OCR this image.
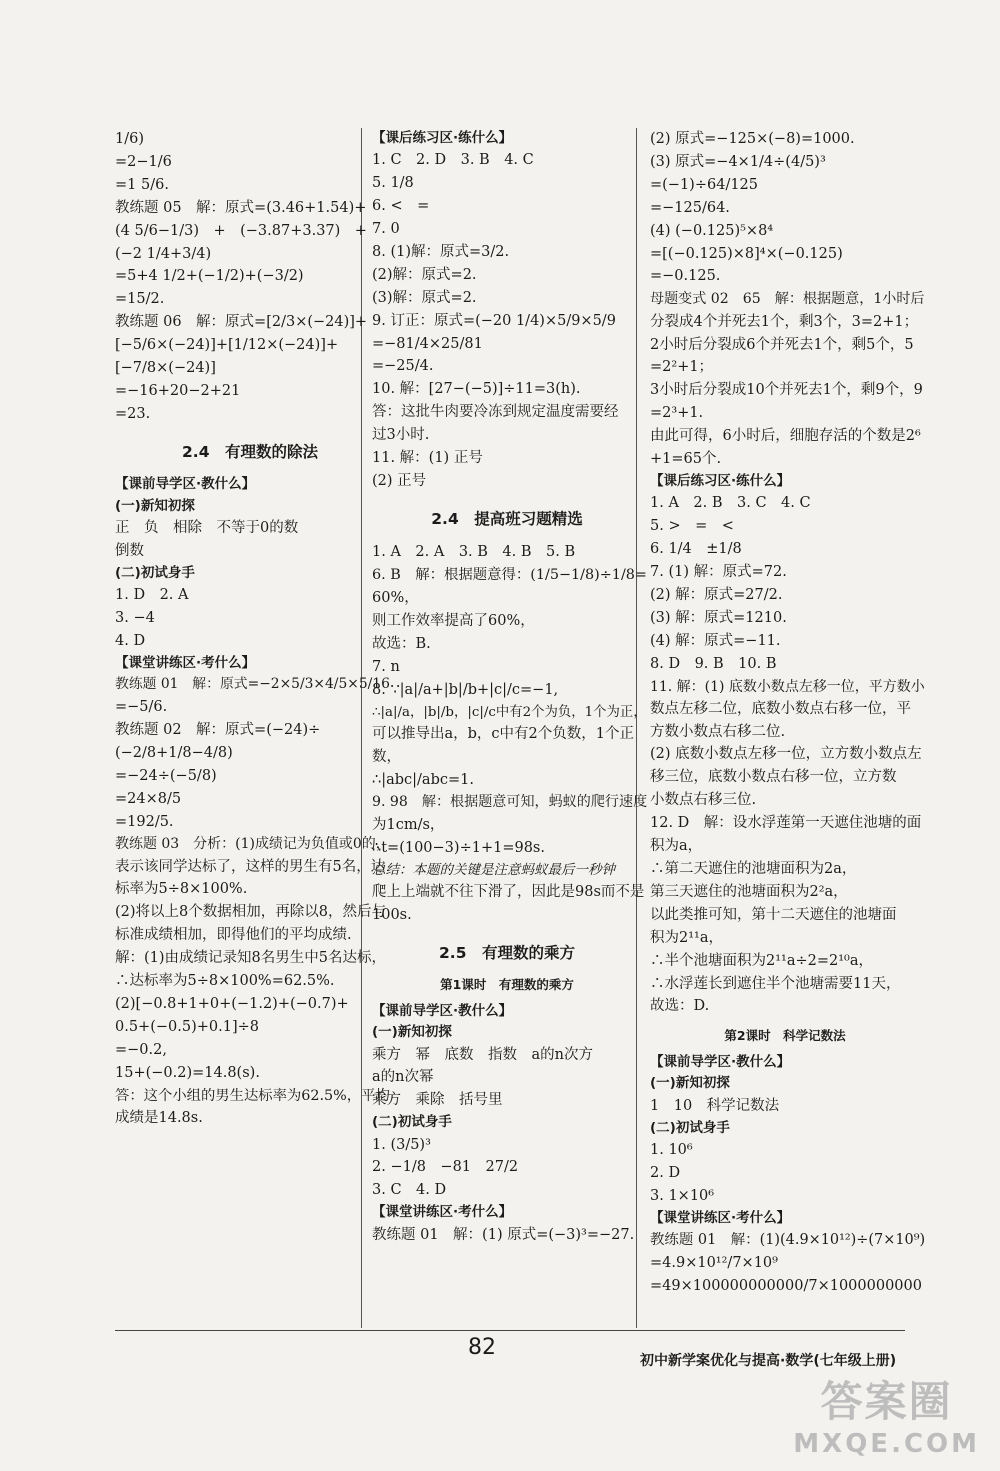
1/6)
=2−1/6
=1 5/6.
教练题 05　解：原式=(3.46+1.54)+
(4 5/6−1/3)　+　(−3.87+3.37)　+
(−2 1/4+3/4)
=5+4 1/2+(−1/2)+(−3/2)
=15/2.
教练题 06　解：原式=[2/3×(−24)]+
[−5/6×(−24)]+[1/12×(−24)]+
[−7/8×(−24)]
=−16+20−2+21
=23.
2.4　有理数的除法
【课前导学区·教什么】
(一)新知初探
正　负　相除　不等于0的数
倒数
(二)初试身手
1. D　2. A
3. −4
4. D
【课堂讲练区·考什么】
教练题 01　解：原式=−2×5/3×4/5×5/16
=−5/6.
教练题 02　解：原式=(−24)÷
(−2/8+1/8−4/8)
=−24÷(−5/8)
=24×8/5
=192/5.
教练题 03　分析：(1)成绩记为负值或0的，
表示该同学达标了，这样的男生有5名，达
标率为5÷8×100%.
(2)将以上8个数据相加，再除以8，然后与
标准成绩相加，即得他们的平均成绩.
解：(1)由成绩记录知8名男生中5名达标，
∴达标率为5÷8×100%=62.5%.
(2)[−0.8+1+0+(−1.2)+(−0.7)+
0.5+(−0.5)+0.1]÷8
=−0.2,
15+(−0.2)=14.8(s).
答：这个小组的男生达标率为62.5%，平均
成绩是14.8s.
【课后练习区·练什么】
1. C　2. D　3. B　4. C
5. 1/8
6. <　=
7. 0
8. (1)解：原式=3/2.
(2)解：原式=2.
(3)解：原式=2.
9. 订正：原式=(−20 1/4)×5/9×5/9
=−81/4×25/81
=−25/4.
10. 解：[27−(−5)]÷11=3(h).
答：这批牛肉要冷冻到规定温度需要经
过3小时.
11. 解：(1) 正号
(2) 正号
2.4　提高班习题精选
1. A　2. A　3. B　4. B　5. B
6. B　解：根据题意得：(1/5−1/8)÷1/8=
60%，
则工作效率提高了60%，
故选：B.
7. n
8. ∵|a|/a+|b|/b+|c|/c=−1,
∴|a|/a，|b|/b，|c|/c中有2个为负，1个为正，
可以推导出a，b，c中有2个负数，1个正
数，
∴|abc|/abc=1.
9. 98　解：根据题意可知，蚂蚁的爬行速度
为1cm/s，
∴t=(100−3)÷1+1=98s.
总结：本题的关键是注意蚂蚁最后一秒钟
爬上上端就不往下滑了，因此是98s而不是
100s.
2.5　有理数的乘方
第1课时　有理数的乘方
【课前导学区·教什么】
(一)新知初探
乘方　幂　底数　指数　a的n次方
a的n次幂
乘方　乘除　括号里
(二)初试身手
1. (3/5)³
2. −1/8　−81　27/2
3. C　4. D
【课堂讲练区·考什么】
教练题 01　解：(1) 原式=(−3)³=−27.
(2) 原式=−125×(−8)=1000.
(3) 原式=−4×1/4÷(4/5)³
=(−1)÷64/125
=−125/64.
(4) (−0.125)⁵×8⁴
=[(−0.125)×8]⁴×(−0.125)
=−0.125.
母题变式 02　65　解：根据题意，1小时后
分裂成4个并死去1个，剩3个，3=2+1；
2小时后分裂成6个并死去1个，剩5个，5
=2²+1；
3小时后分裂成10个并死去1个，剩9个，9
=2³+1.
由此可得，6小时后，细胞存活的个数是2⁶
+1=65个.
【课后练习区·练什么】
1. A　2. B　3. C　4. C
5. >　=　<
6. 1/4　±1/8
7. (1) 解：原式=72.
(2) 解：原式=27/2.
(3) 解：原式=1210.
(4) 解：原式=−11.
8. D　9. B　10. B
11. 解：(1) 底数小数点左移一位，平方数小
数点左移二位，底数小数点右移一位，平
方数小数点右移二位.
(2) 底数小数点左移一位，立方数小数点左
移三位，底数小数点右移一位，立方数
小数点右移三位.
12. D　解：设水浮莲第一天遮住池塘的面
积为a，
∴第二天遮住的池塘面积为2a，
第三天遮住的池塘面积为2²a，
以此类推可知，第十二天遮住的池塘面
积为2¹¹a，
∴半个池塘面积为2¹¹a÷2=2¹⁰a，
∴水浮莲长到遮住半个池塘需要11天，
故选：D.
第2课时　科学记数法
【课前导学区·教什么】
(一)新知初探
1　10　科学记数法
(二)初试身手
1. 10⁶
2. D
3. 1×10⁶
【课堂讲练区·考什么】
教练题 01　解：(1)(4.9×10¹²)÷(7×10⁹)
=4.9×10¹²/7×10⁹
=49×100000000000/7×1000000000
82
初中新学案优化与提高·数学(七年级上册)
答案圈
MXQE.COM
